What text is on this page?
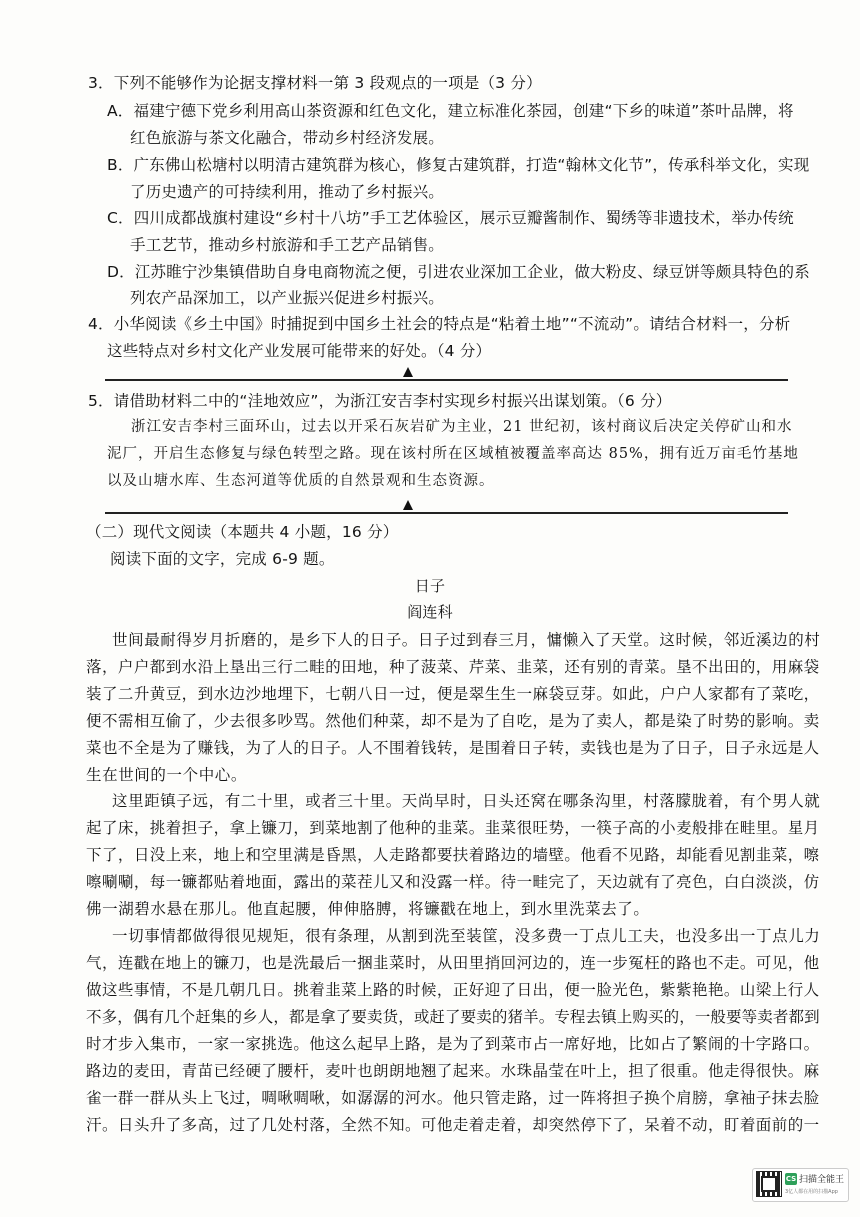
3．下列不能够作为论据支撑材料一第 3 段观点的一项是（3 分）
A．福建宁德下党乡利用高山茶资源和红色文化，建立标准化茶园，创建“下乡的味道”茶叶品牌，将
红色旅游与茶文化融合，带动乡村经济发展。
B．广东佛山松塘村以明清古建筑群为核心，修复古建筑群，打造“翰林文化节”，传承科举文化，实现
了历史遗产的可持续利用，推动了乡村振兴。
C．四川成都战旗村建设“乡村十八坊”手工艺体验区，展示豆瓣酱制作、蜀绣等非遗技术，举办传统
手工艺节，推动乡村旅游和手工艺产品销售。
D．江苏睢宁沙集镇借助自身电商物流之便，引进农业深加工企业，做大粉皮、绿豆饼等颇具特色的系
列农产品深加工，以产业振兴促进乡村振兴。
4．小华阅读《乡土中国》时捕捉到中国乡土社会的特点是“粘着土地”“不流动”。请结合材料一，分析
这些特点对乡村文化产业发展可能带来的好处。（4 分）
5．请借助材料二中的“洼地效应”，为浙江安吉李村实现乡村振兴出谋划策。（6 分）
浙江安吉李村三面环山，过去以开采石灰岩矿为主业，21 世纪初，该村商议后决定关停矿山和水
泥厂，开启生态修复与绿色转型之路。现在该村所在区域植被覆盖率高达 85%，拥有近万亩毛竹基地
以及山塘水库、生态河道等优质的自然景观和生态资源。
（二）现代文阅读（本题共 4 小题，16 分）
阅读下面的文字，完成 6-9 题。
日子
阎连科
世间最耐得岁月折磨的，是乡下人的日子。日子过到春三月，慵懒入了天堂。这时候，邻近溪边的村
落，户户都到水沿上垦出三行二畦的田地，种了菠菜、芹菜、韭菜，还有别的青菜。垦不出田的，用麻袋
装了二升黄豆，到水边沙地埋下，七朝八日一过，便是翠生生一麻袋豆芽。如此，户户人家都有了菜吃，
便不需相互偷了，少去很多吵骂。然他们种菜，却不是为了自吃，是为了卖人，都是染了时势的影响。卖
菜也不全是为了赚钱，为了人的日子。人不围着钱转，是围着日子转，卖钱也是为了日子，日子永远是人
生在世间的一个中心。
这里距镇子远，有二十里，或者三十里。天尚早时，日头还窝在哪条沟里，村落朦胧着，有个男人就
起了床，挑着担子，拿上镰刀，到菜地割了他种的韭菜。韭菜很旺势，一筷子高的小麦般排在畦里。星月
下了，日没上来，地上和空里满是昏黑，人走路都要扶着路边的墙壁。他看不见路，却能看见割韭菜，嚓
嚓唰唰，每一镰都贴着地面，露出的菜茬儿又和没露一样。待一畦完了，天边就有了亮色，白白淡淡，仿
佛一湖碧水悬在那儿。他直起腰，伸伸胳膊，将镰戳在地上，到水里洗菜去了。
一切事情都做得很见规矩，很有条理，从割到洗至装筐，没多费一丁点儿工夫，也没多出一丁点儿力
气，连戳在地上的镰刀，也是洗最后一捆韭菜时，从田里捎回河边的，连一步冤枉的路也不走。可见，他
做这些事情，不是几朝几日。挑着韭菜上路的时候，正好迎了日出，便一脸光色，紫紫艳艳。山梁上行人
不多，偶有几个赶集的乡人，都是拿了要卖货，或赶了要卖的猪羊。专程去镇上购买的，一般要等卖者都到
时才步入集市，一家一家挑选。他这么起早上路，是为了到菜市占一席好地，比如占了繁闹的十字路口。
路边的麦田，青苗已经硬了腰杆，麦叶也朗朗地翘了起来。水珠晶莹在叶上，担了很重。他走得很快。麻
雀一群一群从头上飞过，啁啾啁啾，如潺潺的河水。他只管走路，过一阵将担子换个肩膀，拿袖子抹去脸
汗。日头升了多高，过了几处村落，全然不知。可他走着走着，却突然停下了，呆着不动，盯着面前的一
CS 扫描全能王
3亿人都在用的扫描App
